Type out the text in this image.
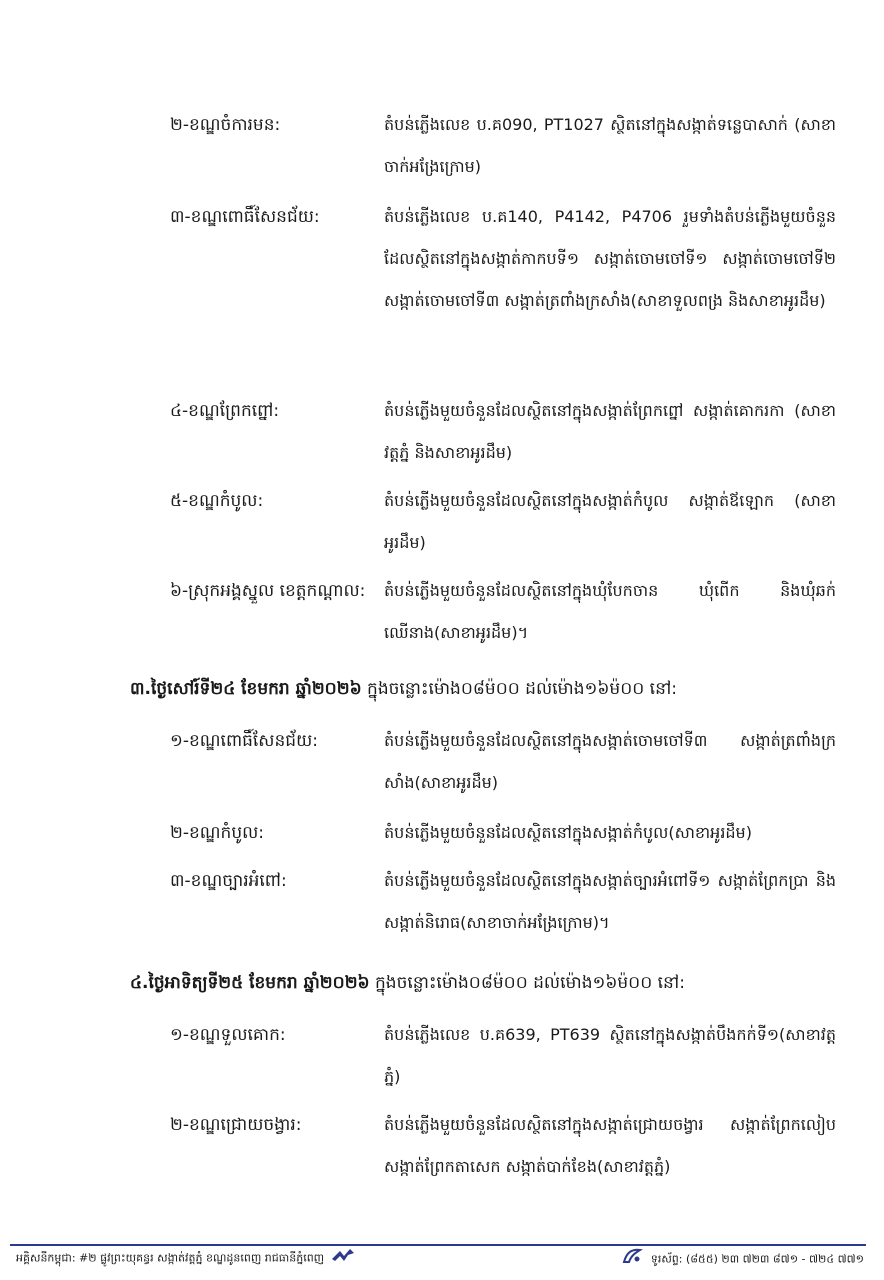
២-ខណ្ឌចំការមន:	តំបន់ភ្លើងលេខ ប.គ090, PT1027 ស្ថិតនៅក្នុងសង្កាត់ទន្លេបាសាក់ (សាខាចាក់អង្រែក្រោម)
៣-ខណ្ឌពោធិ៍សែនជ័យ:	តំបន់ភ្លើងលេខ ប.គ140, P4142, P4706 រួមទាំងតំបន់ភ្លើងមួយចំនួនដែលស្ថិតនៅក្នុងសង្កាត់កាកបទី១ សង្កាត់ចោមចៅទី១ សង្កាត់ចោមចៅទី២ សង្កាត់ចោមចៅទី៣ សង្កាត់ត្រពាំងក្រសាំង(សាខាទួលពង្រ និងសាខាអូរដឹម)
៤-ខណ្ឌព្រែកព្នៅ:	តំបន់ភ្លើងមួយចំនួនដែលស្ថិតនៅក្នុងសង្កាត់ព្រែកព្នៅ សង្កាត់គោករកា (សាខាវត្តភ្នំ និងសាខាអូរដឹម)
៥-ខណ្ឌកំបូល:	តំបន់ភ្លើងមួយចំនួនដែលស្ថិតនៅក្នុងសង្កាត់កំបូល សង្កាត់ឪឡោក (សាខាអូរដឹម)
៦-ស្រុកអង្គស្នួល ខេត្តកណ្ដាល: តំបន់ភ្លើងមួយចំនួនដែលស្ថិតនៅក្នុងឃុំបែកចាន ឃុំពើក និងឃុំឆក់ឈើនាង(សាខាអូរដឹម)។
៣.ថ្ងៃសៅរ៍ទី២៤ ខែមករា ឆ្នាំ២០២៦ ក្នុងចន្លោះម៉ោង០៨ម៉០០ ដល់ម៉ោង១៦ម៉០០ នៅ:
១-ខណ្ឌពោធិ៍សែនជ័យ:	តំបន់ភ្លើងមួយចំនួនដែលស្ថិតនៅក្នុងសង្កាត់ចោមចៅទី៣ សង្កាត់ត្រពាំងក្រសាំង(សាខាអូរដឹម)
២-ខណ្ឌកំបូល:	តំបន់ភ្លើងមួយចំនួនដែលស្ថិតនៅក្នុងសង្កាត់កំបូល(សាខាអូរដឹម)
៣-ខណ្ឌច្បារអំពៅ:	តំបន់ភ្លើងមួយចំនួនដែលស្ថិតនៅក្នុងសង្កាត់ច្បារអំពៅទី១ សង្កាត់ព្រែកប្រា និងសង្កាត់និរោធ(សាខាចាក់អង្រែក្រោម)។
៤.ថ្ងៃអាទិត្យទី២៥ ខែមករា ឆ្នាំ២០២៦ ក្នុងចន្លោះម៉ោង០៨ម៉០០ ដល់ម៉ោង១៦ម៉០០ នៅ:
១-ខណ្ឌទួលគោក:	តំបន់ភ្លើងលេខ ប.គ639, PT639 ស្ថិតនៅក្នុងសង្កាត់បឹងកក់ទី១(សាខាវត្តភ្នំ)
២-ខណ្ឌជ្រោយចង្វារ:	តំបន់ភ្លើងមួយចំនួនដែលស្ថិតនៅក្នុងសង្កាត់ជ្រោយចង្វារ សង្កាត់ព្រែកលៀប សង្កាត់ព្រែកតាសេក សង្កាត់បាក់ខែង(សាខាវត្តភ្នំ)
អគ្គិសនីកម្ពុជា: #២ ផ្លូវព្រះយុគន្ធរ សង្កាត់វត្តភ្នំ ខណ្ឌដូនពេញ រាជធានីភ្នំពេញ	ទូរស័ព្ទ: (៨៥៥) ២៣ ៧២៣ ៨៧១ - ៧២៤ ៧៧១
